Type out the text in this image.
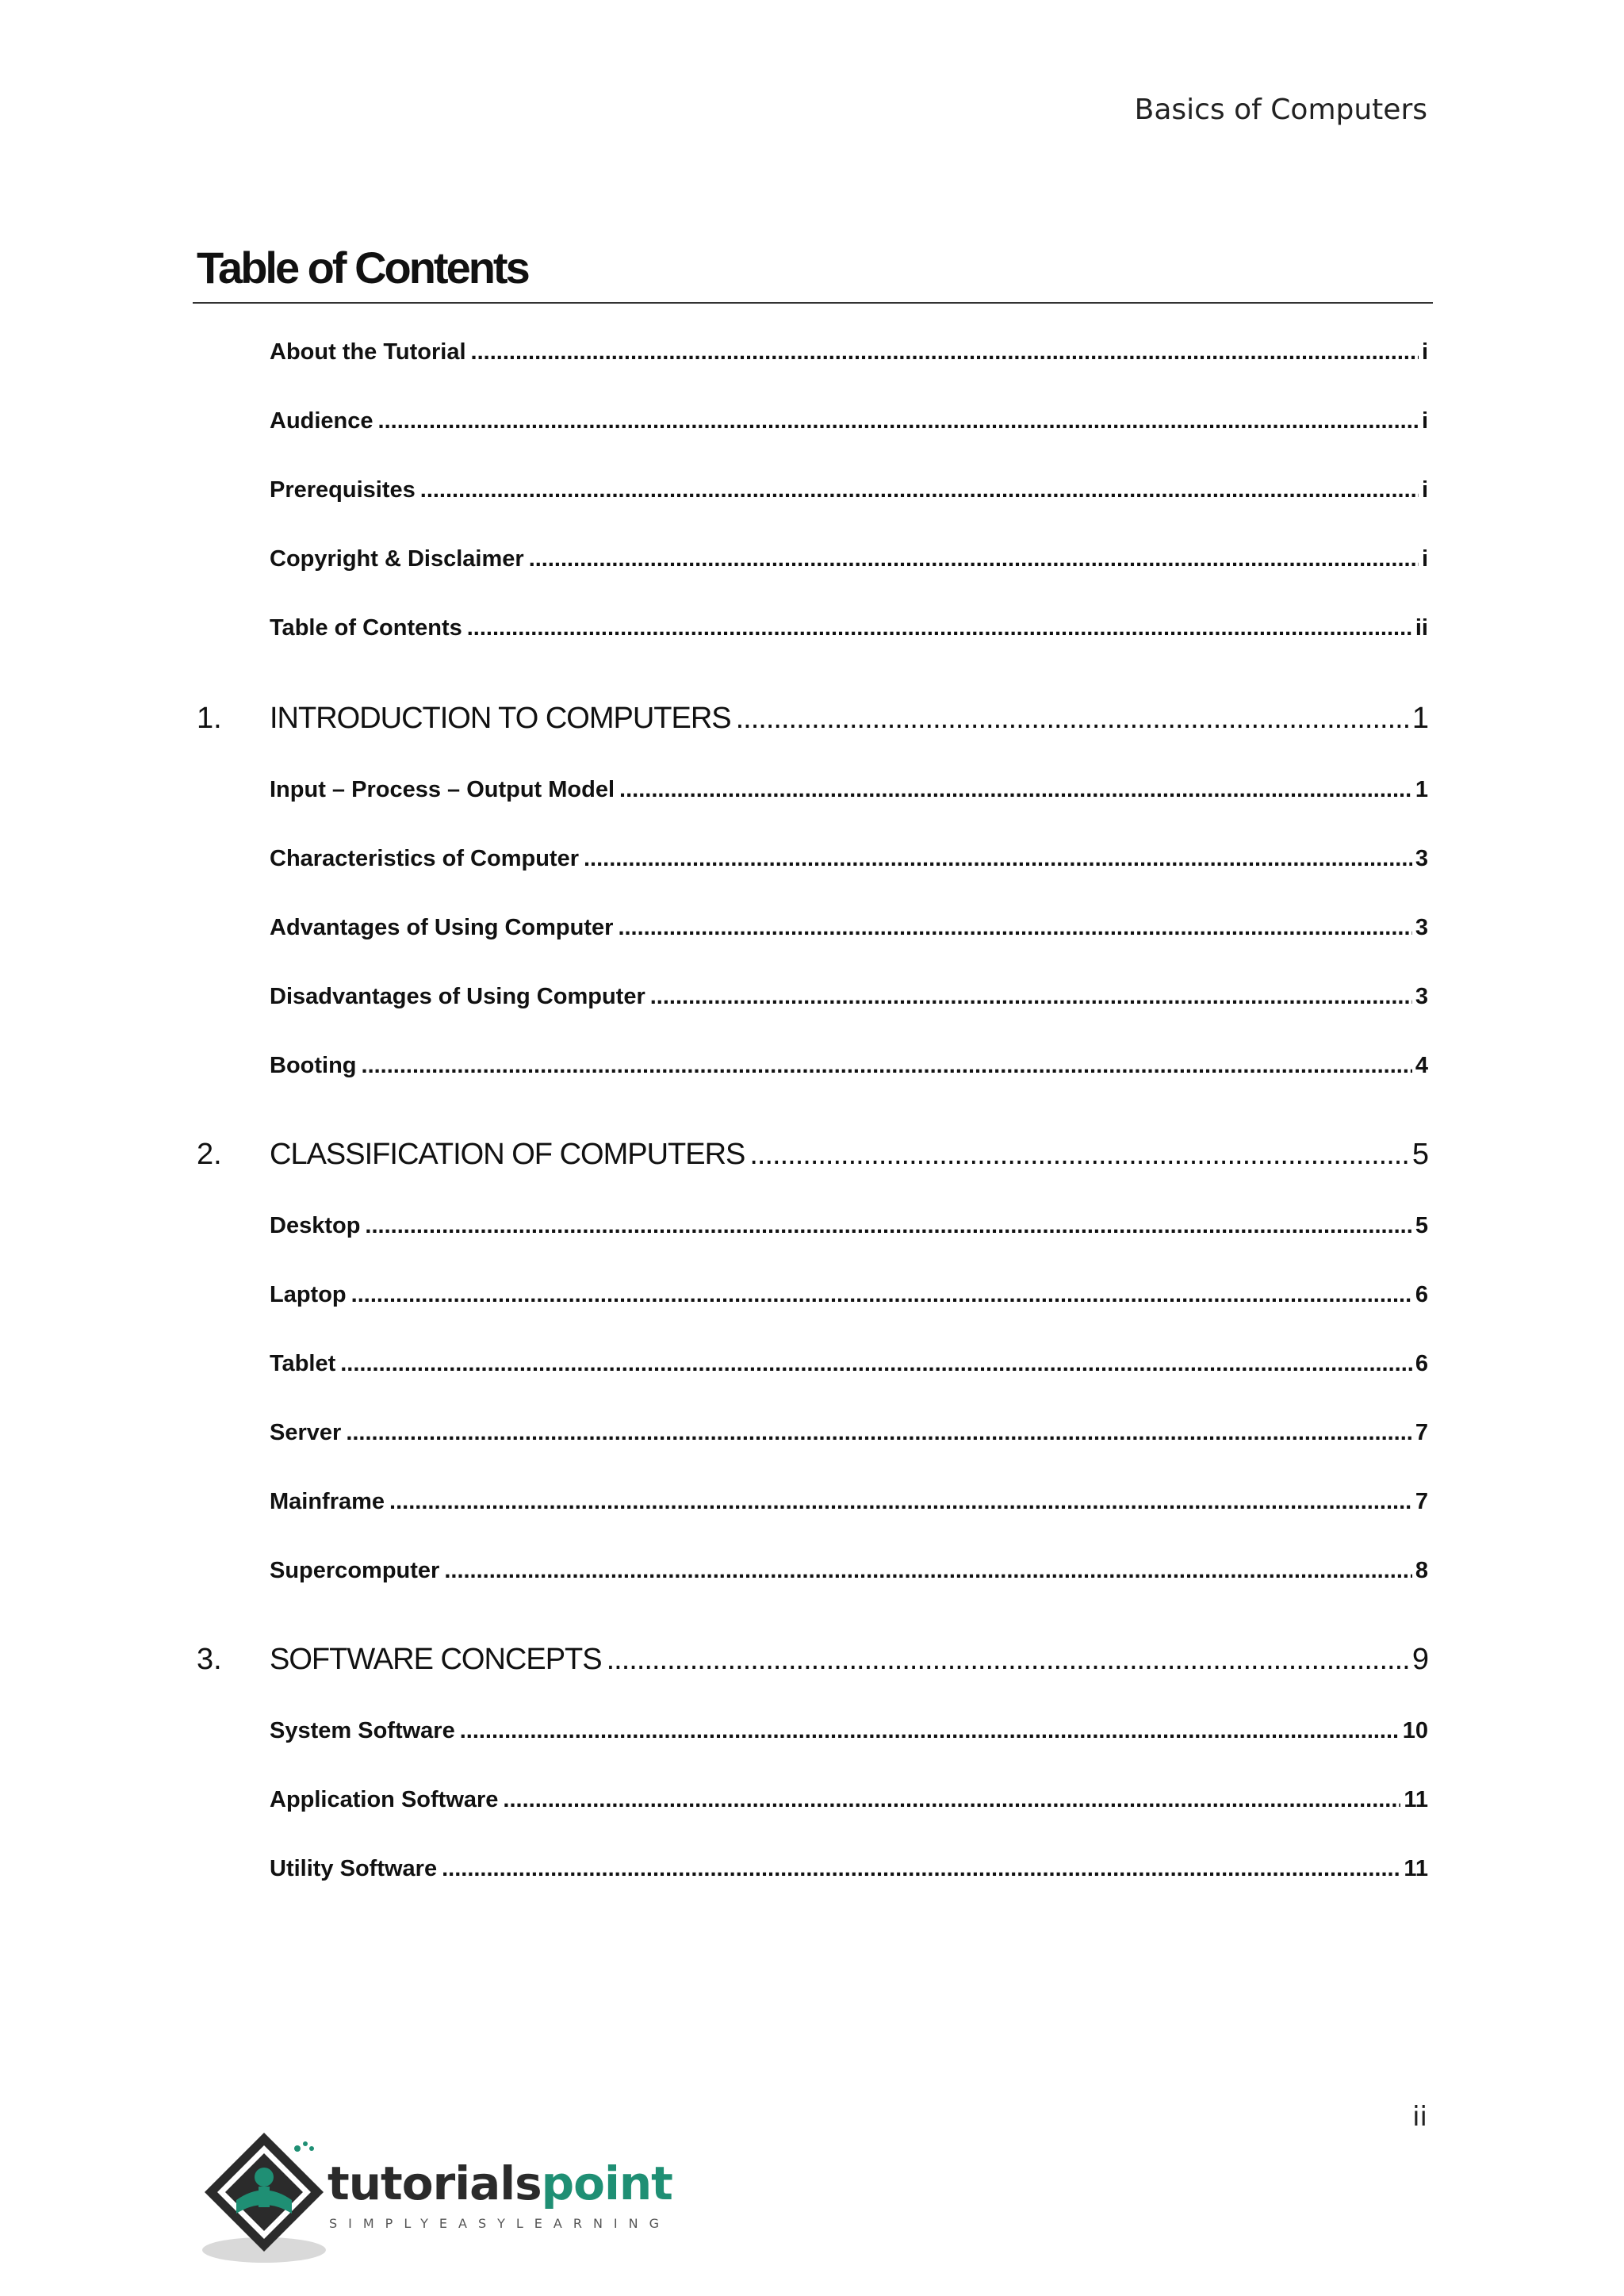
Basics of Computers
Table of Contents
About the Tutorial .....	i
Audience .....	i
Prerequisites .....	i
Copyright & Disclaimer .....	i
Table of Contents .....	ii
1. INTRODUCTION TO COMPUTERS .....	1
Input – Process – Output Model .....	1
Characteristics of Computer .....	3
Advantages of Using Computer .....	3
Disadvantages of Using Computer .....	3
Booting .....	4
2. CLASSIFICATION OF COMPUTERS .....	5
Desktop .....	5
Laptop .....	6
Tablet .....	6
Server .....	7
Mainframe .....	7
Supercomputer .....	8
3. SOFTWARE CONCEPTS .....	9
System Software .....	10
Application Software .....	11
Utility Software .....	11
ii
tutorialspoint
SIMPLYEASYLEARNING
